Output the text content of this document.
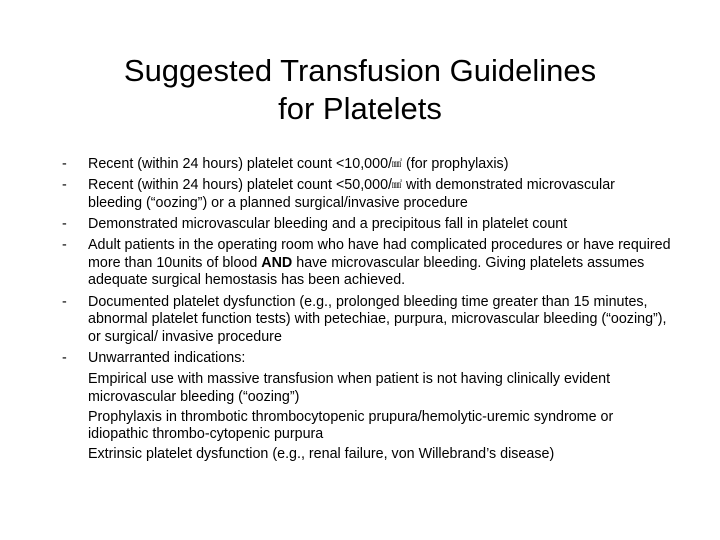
Suggested Transfusion Guidelines
for Platelets
- Recent (within 24 hours) platelet count <10,000/㎣ (for prophylaxis)
- Recent (within 24 hours) platelet count <50,000/㎣ with demonstrated microvascular bleeding (“oozing”) or a planned surgical/invasive procedure
- Demonstrated microvascular bleeding and a precipitous fall in platelet count
- Adult patients in the operating room who have had complicated procedures or have required more than 10units of blood AND have microvascular bleeding. Giving platelets assumes adequate surgical hemostasis has been achieved.
- Documented platelet dysfunction (e.g., prolonged bleeding time greater than 15 minutes, abnormal platelet function tests) with petechiae, purpura, microvascular bleeding (“oozing”), or surgical/ invasive procedure
- Unwarranted indications:
Empirical use with massive transfusion when patient is not having clinically evident microvascular bleeding (“oozing”)
Prophylaxis in thrombotic thrombocytopenic prupura/hemolytic-uremic syndrome or idiopathic thrombo-cytopenic purpura
Extrinsic platelet dysfunction (e.g., renal failure, von Willebrand’s disease)
